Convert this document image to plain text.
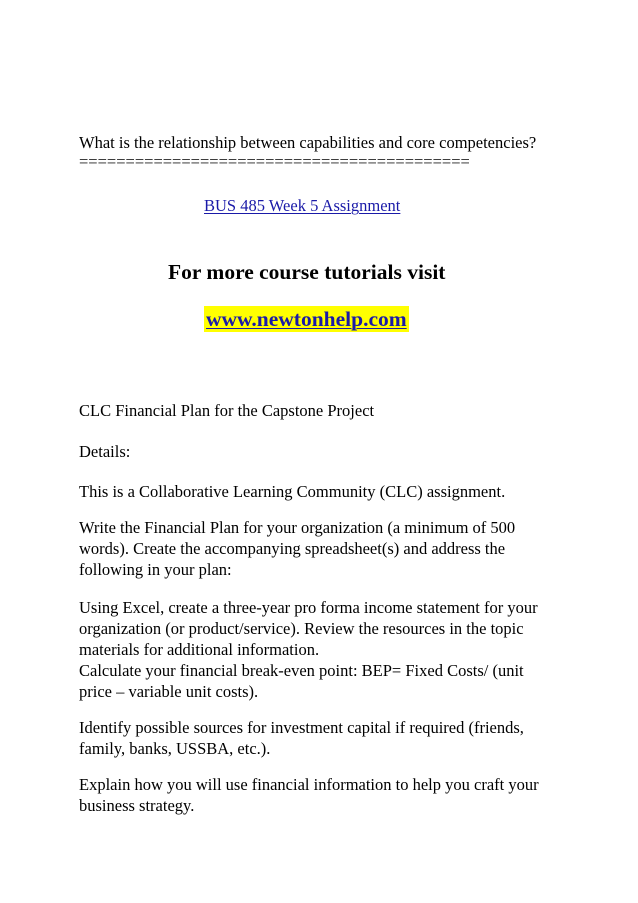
What is the relationship between capabilities and core competencies?

==========================================

BUS 485 Week 5 Assignment

For more course tutorials visit

www.newtonhelp.com

CLC Financial Plan for the Capstone Project

Details:

This is a Collaborative Learning Community (CLC) assignment.

Write the Financial Plan for your organization (a minimum of 500
words). Create the accompanying spreadsheet(s) and address the
following in your plan:
Using Excel, create a three-year pro forma income statement for your
organization (or product/service). Review the resources in the topic
materials for additional information.
Calculate your financial break-even point: BEP= Fixed Costs/ (unit
price – variable unit costs).
Identify possible sources for investment capital if required (friends,
family, banks, USSBA, etc.).
Explain how you will use financial information to help you craft your
business strategy.
